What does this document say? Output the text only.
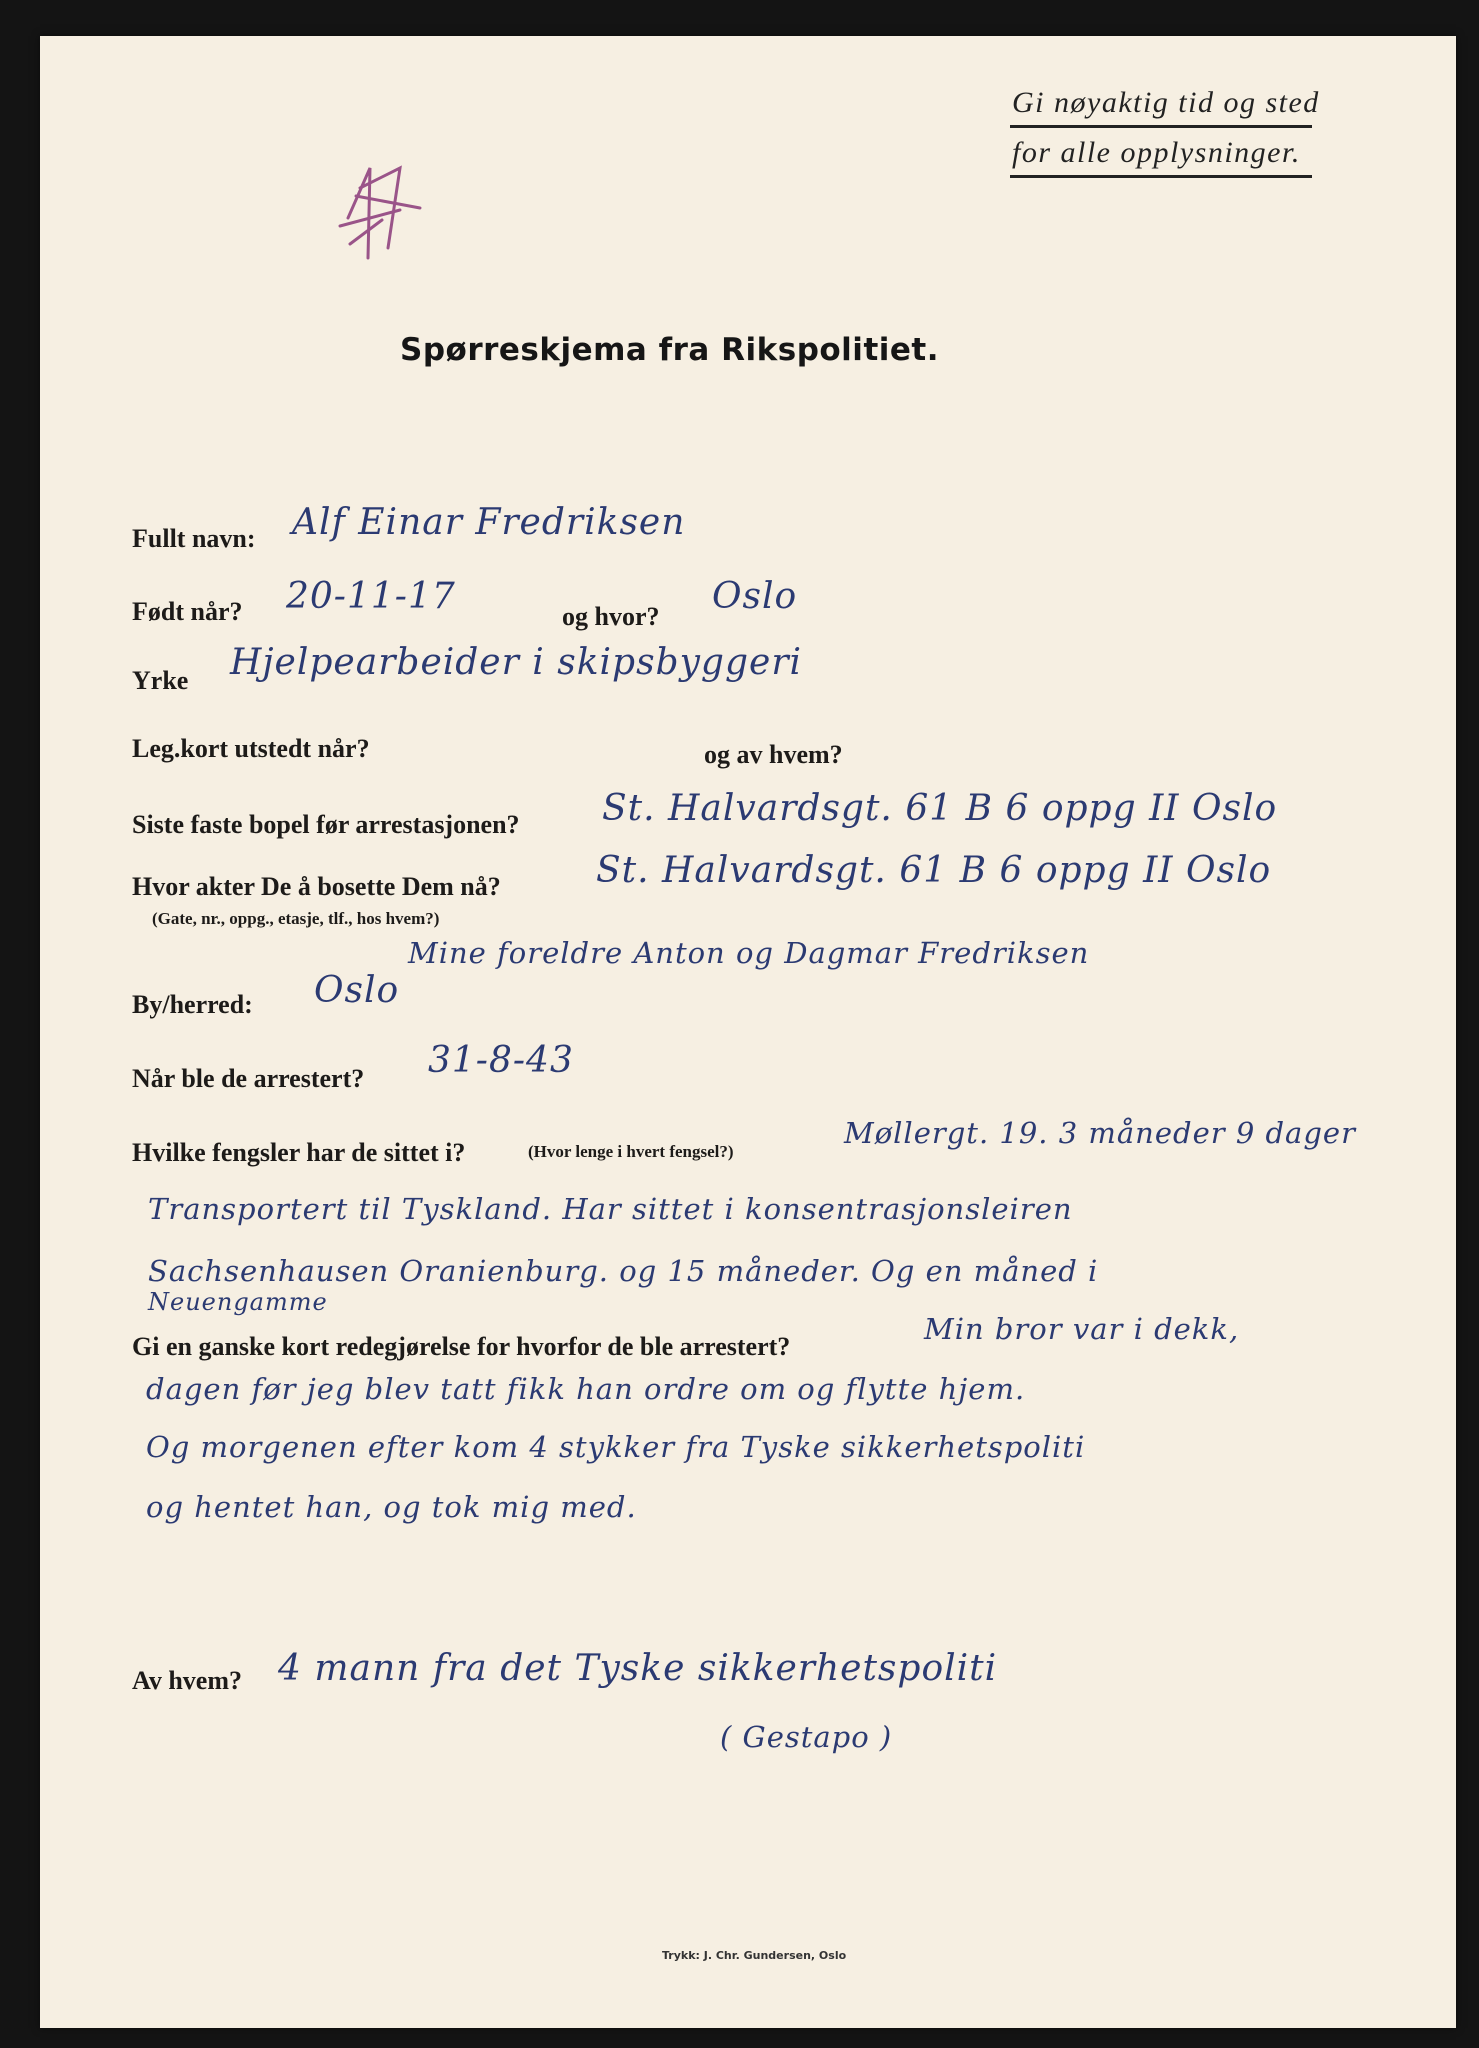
Gi nøyaktig tid og sted
for alle opplysninger.
Spørreskjema fra Rikspolitiet.
Fullt navn: Alf Einar Fredriksen
Født når? 20-11-17	og hvor? Oslo
Yrke Hjelpearbeider i skipsbyggeri
Leg.kort utstedt når?	og av hvem?
Siste faste bopel før arrestasjonen? St. Halvardsgt. 61 B 6 oppg II Oslo
Hvor akter De å bosette Dem nå?
(Gate, nr., oppg., etasje, tlf., hos hvem?)
St. Halvardsgt. 61 B 6 oppg II Oslo
Mine foreldre Anton og Dagmar Fredriksen
By/herred: Oslo
Når ble de arrestert? 31-8-43
Hvilke fengsler har de sittet i?	(Hvor lenge i hvert fengsel?)
Møllergt. 19. 3 måneder 9 dager
Transportert til Tyskland. Har sittet i konsentrasjonsleiren
Sachsenhausen Oranienburg. og 15 måneder. Og en måned i
Neuengamme
Gi en ganske kort redegjørelse for hvorfor de ble arrestert?
Min bror var i dekk,
dagen før jeg blev tatt fikk han ordre om og flytte hjem.
Og morgenen efter kom 4 stykker fra Tyske sikkerhetspoliti
og hentet han, og tok mig med.
Av hvem? 4 mann fra det Tyske sikkerhetspoliti
( Gestapo )
Trykk: J. Chr. Gundersen, Oslo
